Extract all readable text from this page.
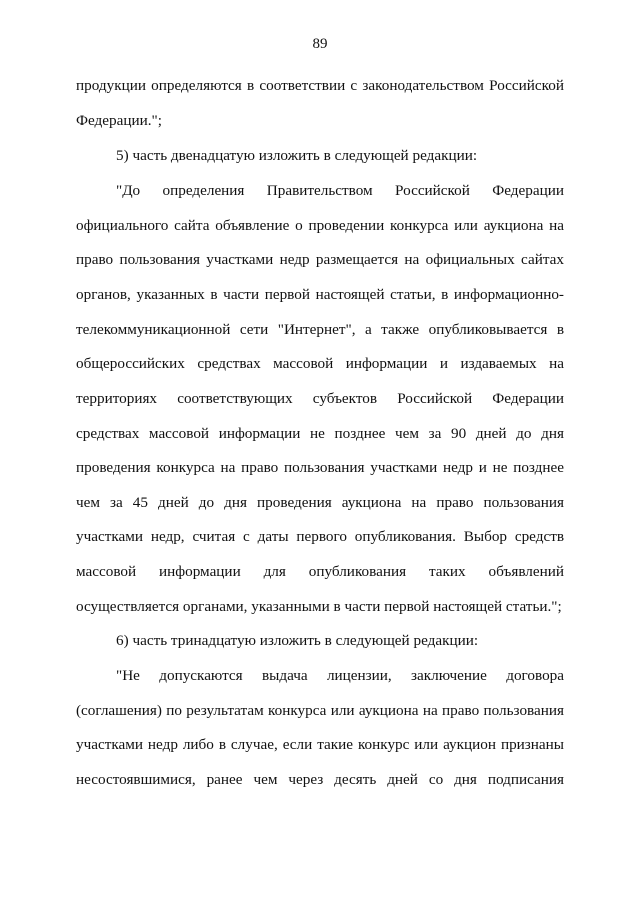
89
продукции определяются в соответствии с законодательством Российской
Федерации.";
5) часть двенадцатую изложить в следующей редакции:
"До определения Правительством Российской Федерации
официального сайта объявление о проведении конкурса или аукциона на
право пользования участками недр размещается на официальных сайтах
органов, указанных в части первой настоящей статьи, в информационно-
телекоммуникационной сети "Интернет", а также опубликовывается в
общероссийских средствах массовой информации и издаваемых на
территориях соответствующих субъектов Российской Федерации
средствах массовой информации не позднее чем за 90 дней до дня
проведения конкурса на право пользования участками недр и не позднее
чем за 45 дней до дня проведения аукциона на право пользования
участками недр, считая с даты первого опубликования. Выбор средств
массовой информации для опубликования таких объявлений
осуществляется органами, указанными в части первой настоящей статьи.";
6) часть тринадцатую изложить в следующей редакции:
"Не допускаются выдача лицензии, заключение договора
(соглашения) по результатам конкурса или аукциона на право пользования
участками недр либо в случае, если такие конкурс или аукцион признаны
несостоявшимися, ранее чем через десять дней со дня подписания
